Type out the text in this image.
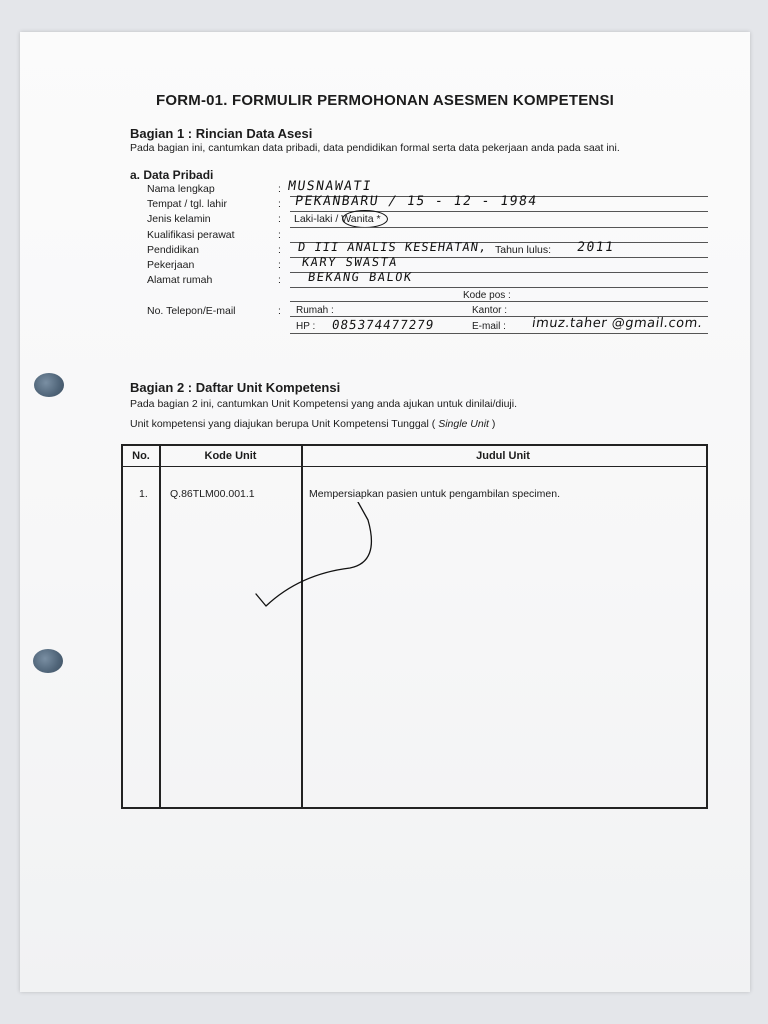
FORM-01. FORMULIR PERMOHONAN ASESMEN KOMPETENSI
Bagian 1 : Rincian Data Asesi
Pada bagian ini, cantumkan data pribadi, data pendidikan formal serta data pekerjaan anda pada saat ini.
a. Data Pribadi
Nama lengkap	: MUSNAWATI
Tempat / tgl. lahir	: PEKANBARU / 15 - 12 - 1984
Jenis kelamin	: Laki-laki / Wanita *
Kualifikasi perawat	:
Pendidikan	: D III ANALIS KESEHATAN, Tahun lulus: 2011
Pekerjaan	: KARY SWASTA
Alamat rumah	: BEKANG BALOK
Kode pos :
No. Telepon/E-mail	: Rumah :	Kantor :
HP : 085374477279	E-mail : imuz.taher @gmail.com.
Bagian 2 : Daftar Unit Kompetensi
Pada bagian 2 ini, cantumkan Unit Kompetensi yang anda ajukan untuk dinilai/diuji.
Unit kompetensi yang diajukan berupa Unit Kompetensi Tunggal ( Single Unit )
No.	Kode Unit	Judul Unit
1. Q.86TLM00.001.1	Mempersiapkan pasien untuk pengambilan specimen.
